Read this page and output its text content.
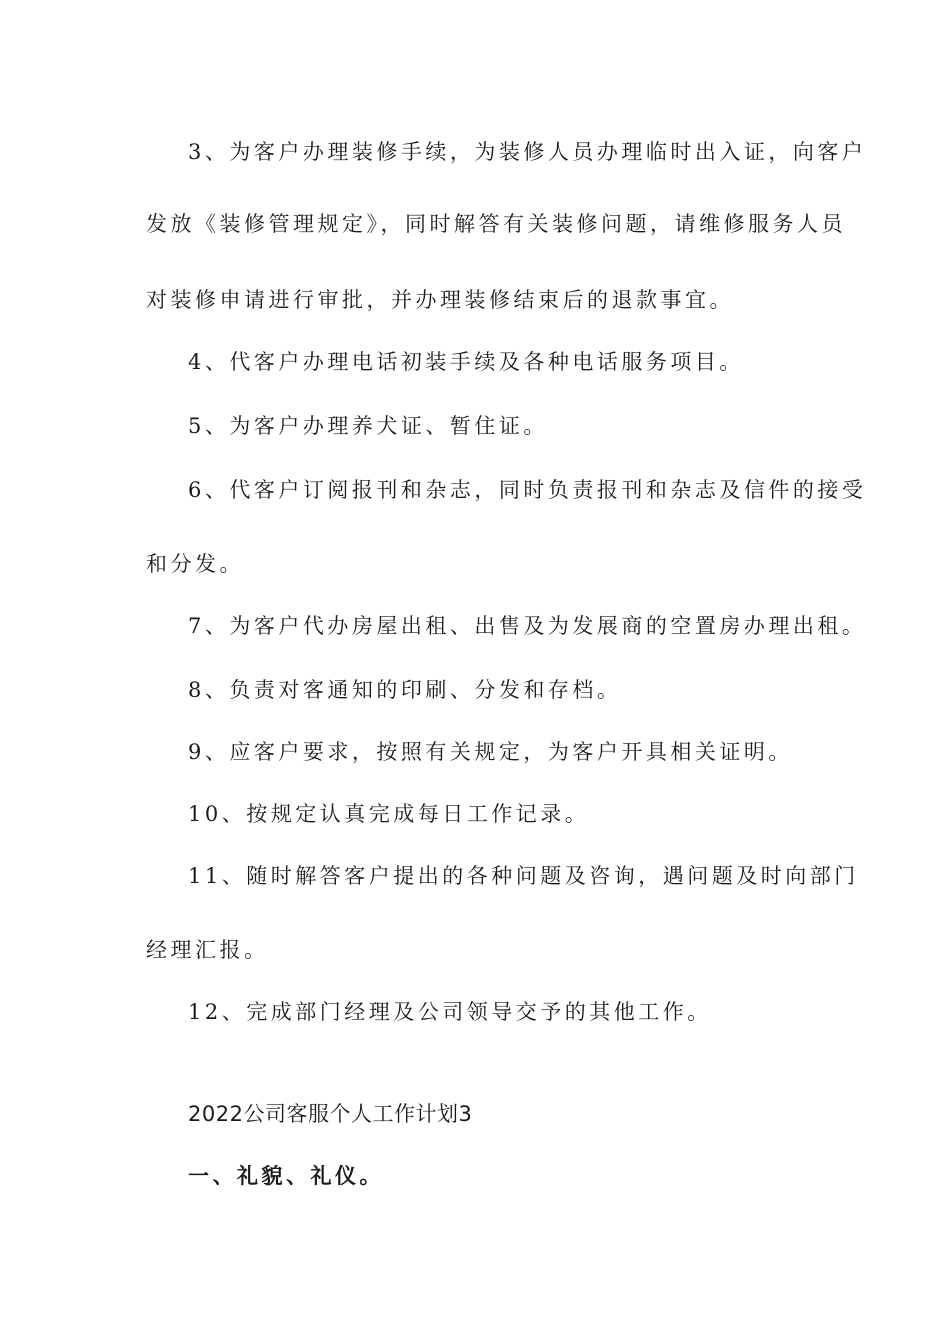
3、为客户办理装修手续，为装修人员办理临时出入证，向客户

发放《装修管理规定》，同时解答有关装修问题，请维修服务人员

对装修申请进行审批，并办理装修结束后的退款事宜。

4、代客户办理电话初装手续及各种电话服务项目。

5、为客户办理养犬证、暂住证。

6、代客户订阅报刊和杂志，同时负责报刊和杂志及信件的接受

和分发。

7、为客户代办房屋出租、出售及为发展商的空置房办理出租。

8、负责对客通知的印刷、分发和存档。

9、应客户要求，按照有关规定，为客户开具相关证明。

10、按规定认真完成每日工作记录。

11、随时解答客户提出的各种问题及咨询，遇问题及时向部门

经理汇报。

12、完成部门经理及公司领导交予的其他工作。

2022公司客服个人工作计划3

一、礼貌、礼仪。
